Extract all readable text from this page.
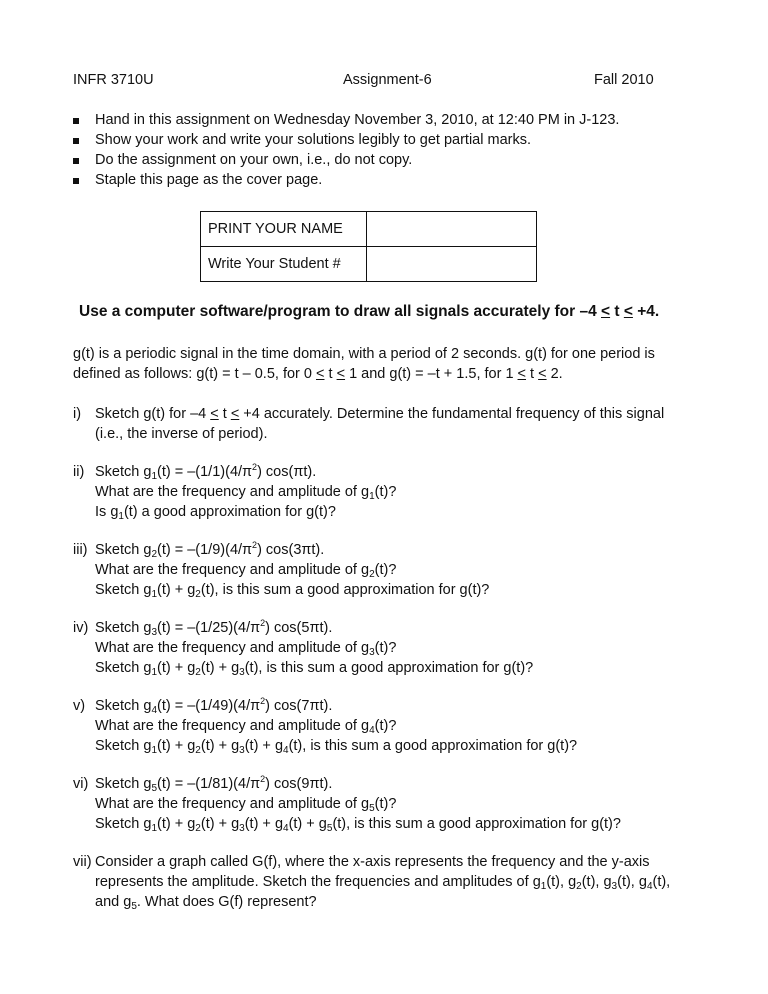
INFR 3710U	Assignment-6	Fall 2010
Hand in this assignment on Wednesday November 3, 2010, at 12:40 PM in J-123.
Show your work and write your solutions legibly to get partial marks.
Do the assignment on your own, i.e., do not copy.
Staple this page as the cover page.
PRINT YOUR NAME	
Write Your Student #	
Use a computer software/program to draw all signals accurately for –4 < t < +4.
g(t) is a periodic signal in the time domain, with a period of 2 seconds. g(t) for one period is
defined as follows: g(t) = t – 0.5, for 0 < t < 1 and g(t) = –t + 1.5, for 1 < t < 2.
i) Sketch g(t) for –4 < t < +4 accurately. Determine the fundamental frequency of this signal
(i.e., the inverse of period).
ii) Sketch $g_1(t) = -(1/1)(4/\pi^2)$ cos(πt).
What are the frequency and amplitude of $g_1(t)$?
Is $g_1(t)$ a good approximation for g(t)?
iii) Sketch $g_2(t) = -(1/9)(4/\pi^2)$ cos(3πt).
What are the frequency and amplitude of $g_2(t)$?
Sketch $g_1(t) + g_2(t)$, is this sum a good approximation for g(t)?
iv) Sketch $g_3(t) = -(1/25)(4/\pi^2)$ cos(5πt).
What are the frequency and amplitude of $g_3(t)$?
Sketch $g_1(t) + g_2(t) + g_3(t)$, is this sum a good approximation for g(t)?
v) Sketch $g_4(t) = -(1/49)(4/\pi^2)$ cos(7πt).
What are the frequency and amplitude of $g_4(t)$?
Sketch $g_1(t) + g_2(t) + g_3(t) + g_4(t)$, is this sum a good approximation for g(t)?
vi) Sketch $g_5(t) = -(1/81)(4/\pi^2)$ cos(9πt).
What are the frequency and amplitude of $g_5(t)$?
Sketch $g_1(t) + g_2(t) + g_3(t) + g_4(t) + g_5(t)$, is this sum a good approximation for g(t)?
vii) Consider a graph called G(f), where the x-axis represents the frequency and the y-axis
represents the amplitude. Sketch the frequencies and amplitudes of $g_1(t)$, $g_2(t)$, $g_3(t)$, $g_4(t)$,
and $g_5$. What does G(f) represent?
